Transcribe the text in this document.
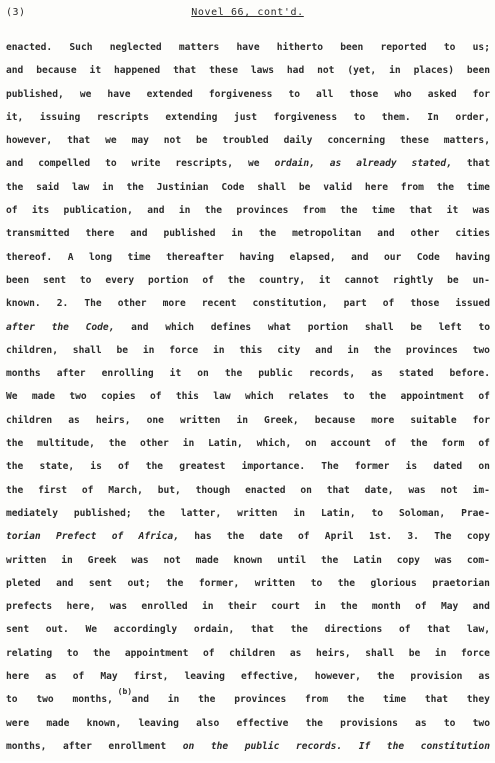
(3)	Novel 66, cont'd.
enacted. Such neglected matters have hitherto been reported to us;
and because it happened that these laws had not (yet, in places) been
published, we have extended forgiveness to all those who asked for
it, issuing rescripts extending just forgiveness to them. In order,
however, that we may not be troubled daily concerning these matters,
and compelled to write rescripts, we ordain, as already stated, that
the said law in the Justinian Code shall be valid here from the time
of its publication, and in the provinces from the time that it was
transmitted there and published in the metropolitan and other cities
thereof. A long time thereafter having elapsed, and our Code having
been sent to every portion of the country, it cannot rightly be un-
known. 2. The other more recent constitution, part of those issued
after the Code, and which defines what portion shall be left to
children, shall be in force in this city and in the provinces two
months after enrolling it on the public records, as stated before.
We made two copies of this law which relates to the appointment of
children as heirs, one written in Greek, because more suitable for
the multitude, the other in Latin, which, on account of the form of
the state, is of the greatest importance. The former is dated on
the first of March, but, though enacted on that date, was not im-
mediately published; the latter, written in Latin, to Soloman, Prae-
torian Prefect of Africa, has the date of April 1st. 3. The copy
written in Greek was not made known until the Latin copy was com-
pleted and sent out; the former, written to the glorious praetorian
prefects here, was enrolled in their court in the month of May and
sent out. We accordingly ordain, that the directions of that law,
relating to the appointment of children as heirs, shall be in force
here as of May first, leaving effective, however, the provision as
to two months,
(b)
and in the provinces from the time that they
were made known, leaving also effective the provisions as to two
months, after enrollment on the public records. If the constitution
